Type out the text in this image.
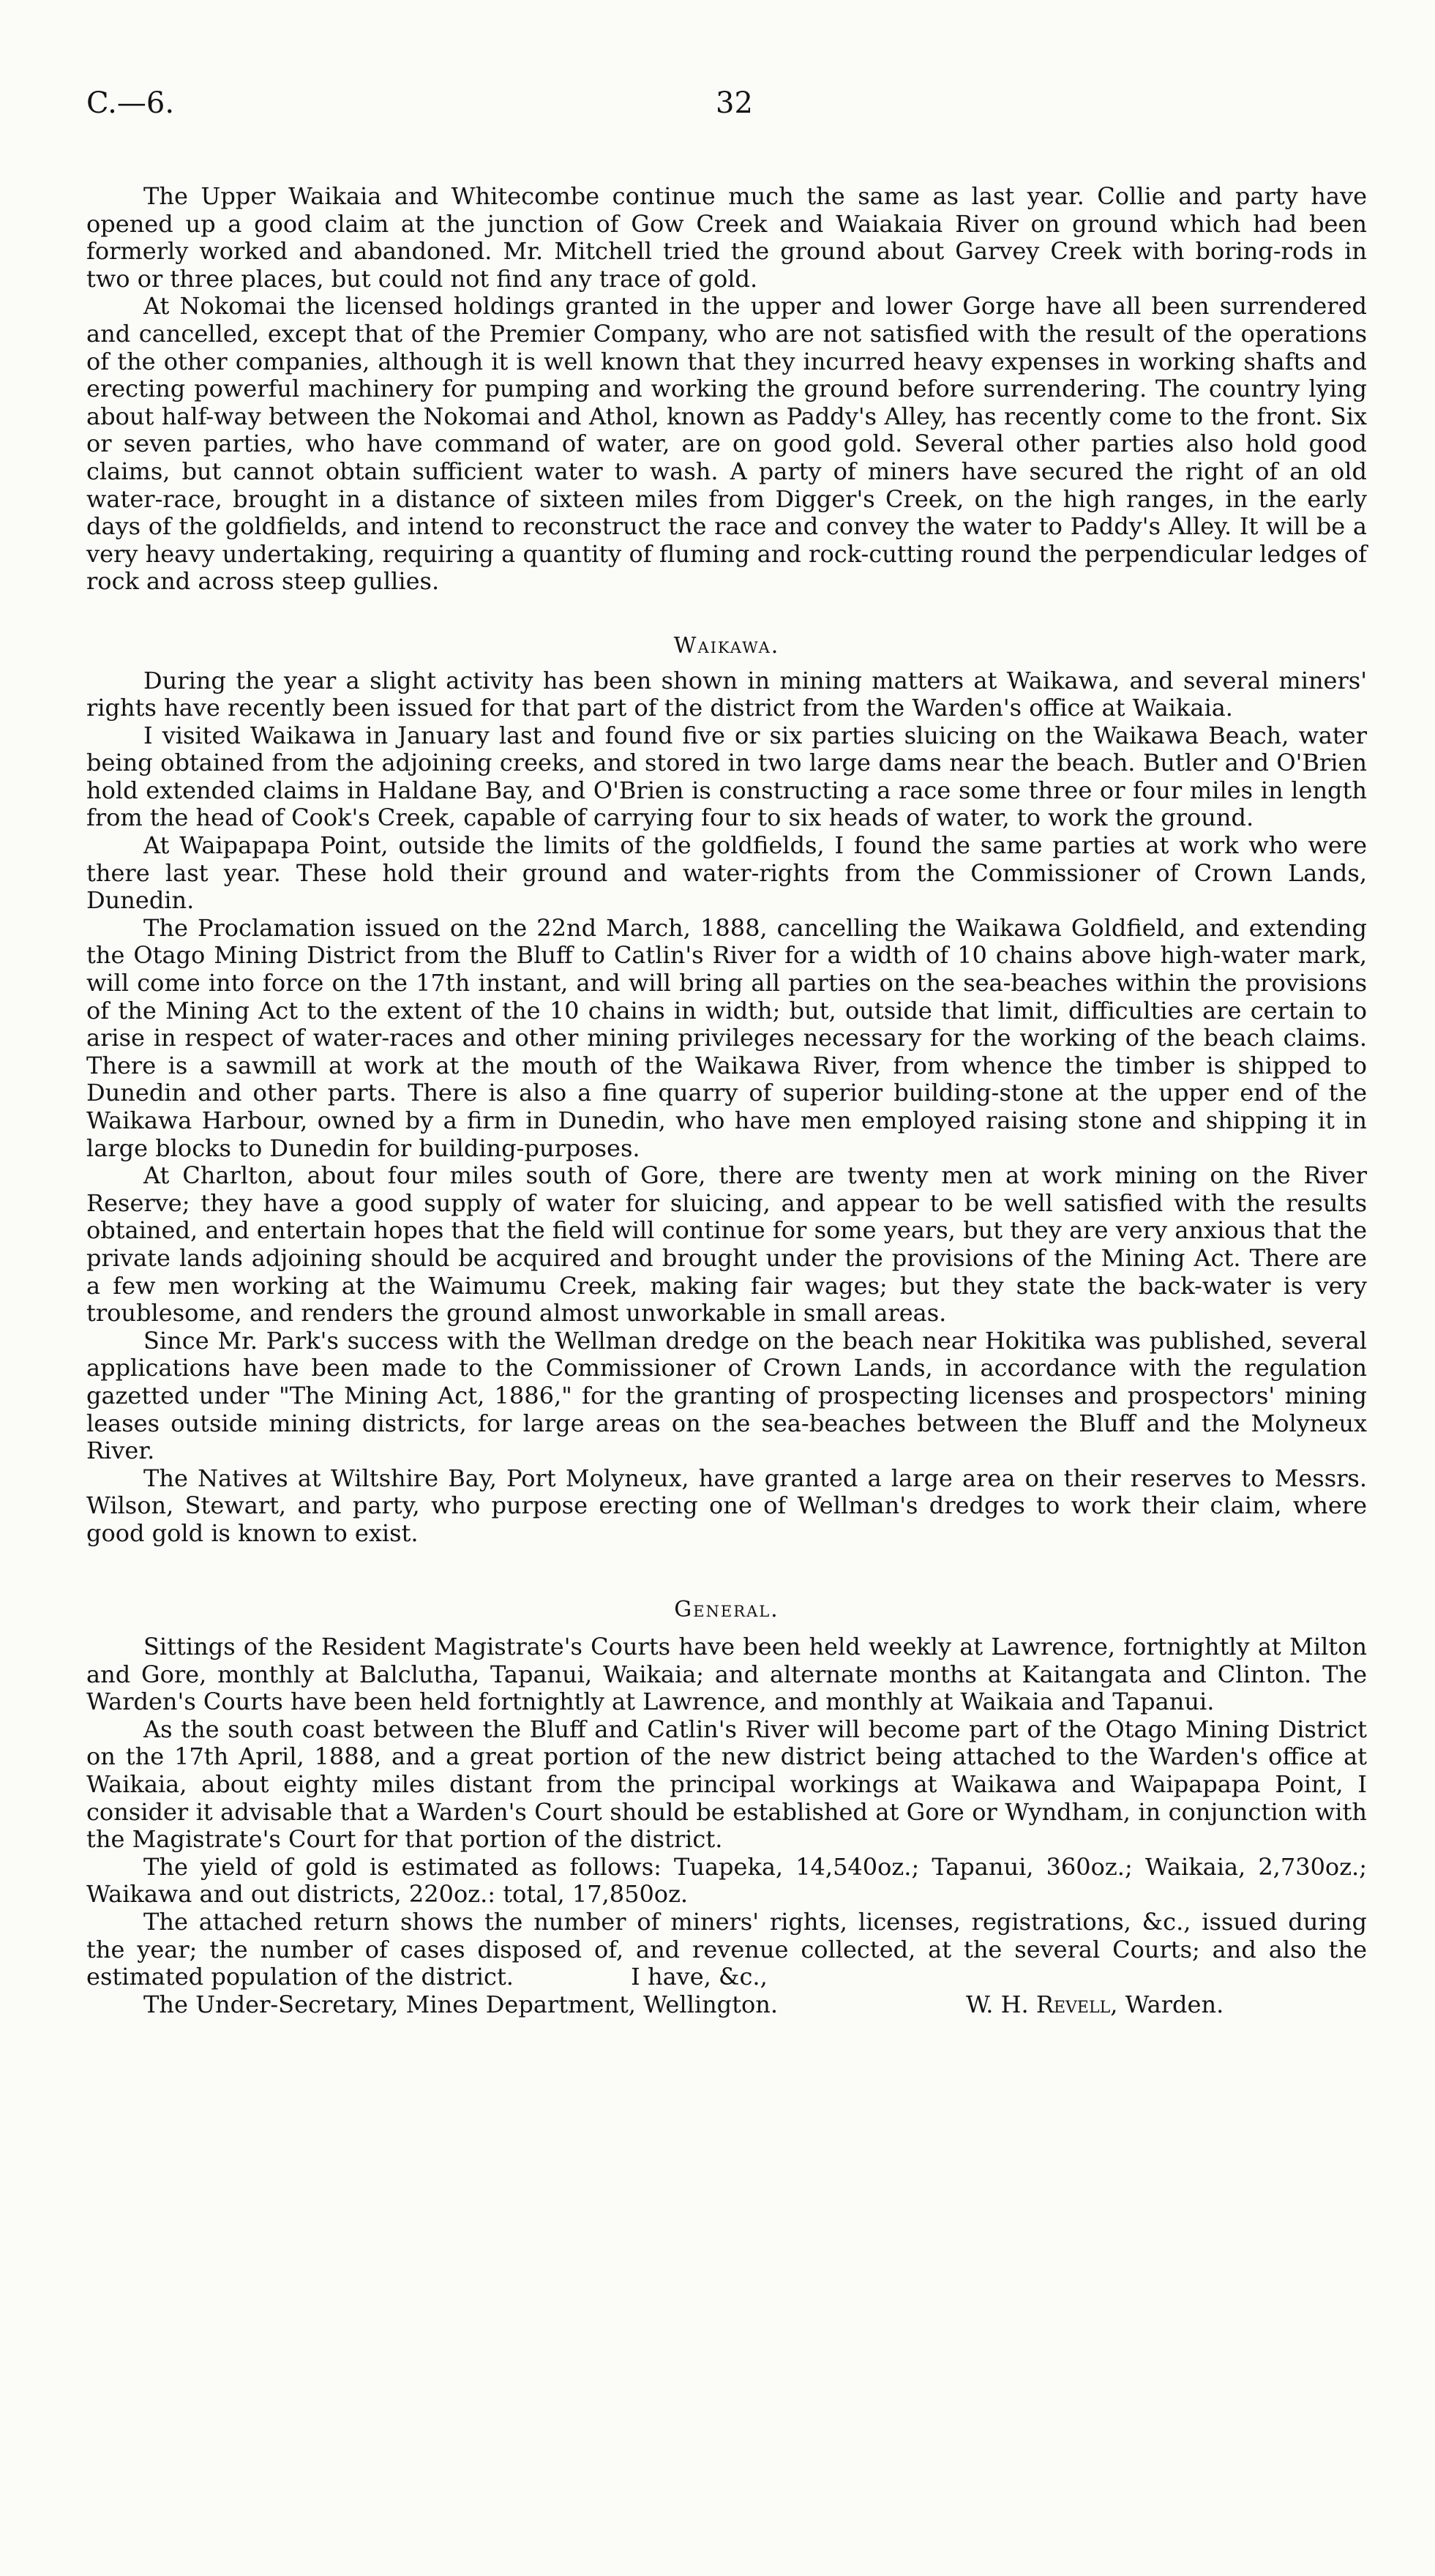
C.—6.	32

The Upper Waikaia and Whitecombe continue much the same as last year. Collie and party have opened up a good claim at the junction of Gow Creek and Waiakaia River on ground which had been formerly worked and abandoned. Mr. Mitchell tried the ground about Garvey Creek with boring-rods in two or three places, but could not find any trace of gold.

At Nokomai the licensed holdings granted in the upper and lower Gorge have all been surrendered and cancelled, except that of the Premier Company, who are not satisfied with the result of the operations of the other companies, although it is well known that they incurred heavy expenses in working shafts and erecting powerful machinery for pumping and working the ground before surrendering. The country lying about half-way between the Nokomai and Athol, known as Paddy's Alley, has recently come to the front. Six or seven parties, who have command of water, are on good gold. Several other parties also hold good claims, but cannot obtain sufficient water to wash. A party of miners have secured the right of an old water-race, brought in a distance of sixteen miles from Digger's Creek, on the high ranges, in the early days of the goldfields, and intend to reconstruct the race and convey the water to Paddy's Alley. It will be a very heavy undertaking, requiring a quantity of fluming and rock-cutting round the perpendicular ledges of rock and across steep gullies.

Waikawa.

During the year a slight activity has been shown in mining matters at Waikawa, and several miners' rights have recently been issued for that part of the district from the Warden's office at Waikaia.

I visited Waikawa in January last and found five or six parties sluicing on the Waikawa Beach, water being obtained from the adjoining creeks, and stored in two large dams near the beach. Butler and O'Brien hold extended claims in Haldane Bay, and O'Brien is constructing a race some three or four miles in length from the head of Cook's Creek, capable of carrying four to six heads of water, to work the ground.

At Waipapapa Point, outside the limits of the goldfields, I found the same parties at work who were there last year. These hold their ground and water-rights from the Commissioner of Crown Lands, Dunedin.

The Proclamation issued on the 22nd March, 1888, cancelling the Waikawa Goldfield, and extending the Otago Mining District from the Bluff to Catlin's River for a width of 10 chains above high-water mark, will come into force on the 17th instant, and will bring all parties on the sea-beaches within the provisions of the Mining Act to the extent of the 10 chains in width; but, outside that limit, difficulties are certain to arise in respect of water-races and other mining privileges necessary for the working of the beach claims. There is a sawmill at work at the mouth of the Waikawa River, from whence the timber is shipped to Dunedin and other parts. There is also a fine quarry of superior building-stone at the upper end of the Waikawa Harbour, owned by a firm in Dunedin, who have men employed raising stone and shipping it in large blocks to Dunedin for building-purposes.

At Charlton, about four miles south of Gore, there are twenty men at work mining on the River Reserve; they have a good supply of water for sluicing, and appear to be well satisfied with the results obtained, and entertain hopes that the field will continue for some years, but they are very anxious that the private lands adjoining should be acquired and brought under the provisions of the Mining Act. There are a few men working at the Waimumu Creek, making fair wages; but they state the back-water is very troublesome, and renders the ground almost unworkable in small areas.

Since Mr. Park's success with the Wellman dredge on the beach near Hokitika was published, several applications have been made to the Commissioner of Crown Lands, in accordance with the regulation gazetted under "The Mining Act, 1886," for the granting of prospecting licenses and prospectors' mining leases outside mining districts, for large areas on the sea-beaches between the Bluff and the Molyneux River.

The Natives at Wiltshire Bay, Port Molyneux, have granted a large area on their reserves to Messrs. Wilson, Stewart, and party, who purpose erecting one of Wellman's dredges to work their claim, where good gold is known to exist.

General.

Sittings of the Resident Magistrate's Courts have been held weekly at Lawrence, fortnightly at Milton and Gore, monthly at Balclutha, Tapanui, Waikaia; and alternate months at Kaitangata and Clinton. The Warden's Courts have been held fortnightly at Lawrence, and monthly at Waikaia and Tapanui.

As the south coast between the Bluff and Catlin's River will become part of the Otago Mining District on the 17th April, 1888, and a great portion of the new district being attached to the Warden's office at Waikaia, about eighty miles distant from the principal workings at Waikawa and Waipapapa Point, I consider it advisable that a Warden's Court should be established at Gore or Wyndham, in conjunction with the Magistrate's Court for that portion of the district.

The yield of gold is estimated as follows: Tuapeka, 14,540oz.; Tapanui, 360oz.; Waikaia, 2,730oz.; Waikawa and out districts, 220oz.: total, 17,850oz.

The attached return shows the number of miners' rights, licenses, registrations, &c., issued during the year; the number of cases disposed of, and revenue collected, at the several Courts; and also the estimated population of the district.	I have, &c.,

The Under-Secretary, Mines Department, Wellington.	W. H. Revell, Warden.
